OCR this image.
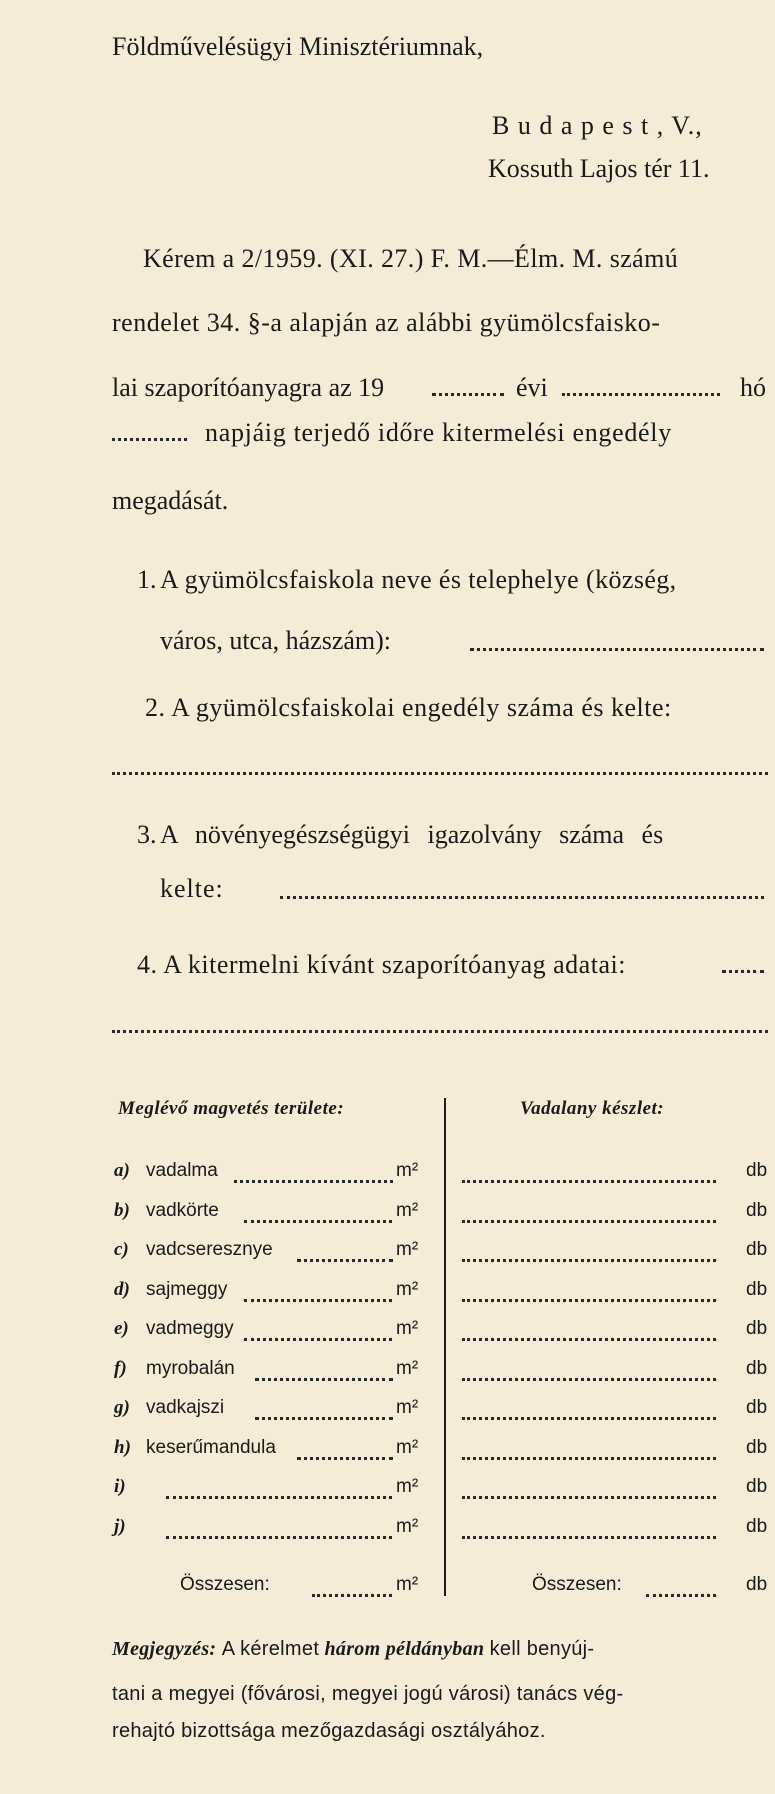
Földművelésügyi Minisztériumnak,
B u d a p e s t , V.,
Kossuth Lajos tér 11.
Kérem a 2/1959. (XI. 27.) F. M.—Élm. M. számú
rendelet 34. §-a alapján az alábbi gyümölcsfaisko-
lai szaporítóanyagra az 19	évi	hó
napjáig terjedő időre kitermelési engedély
megadását.
1. A gyümölcsfaiskola neve és telephelye (község,
város, utca, házszám):
2. A gyümölcsfaiskolai engedély száma és kelte:
3. A növényegészségügyi igazolvány száma és
kelte:
4. A kitermelni kívánt szaporítóanyag adatai:
Meglévő magvetés területe:	Vadalany készlet:
a) vadalma	m²	db
b) vadkörte	m²	db
c) vadcseresznye	m²	db
d) sajmeggy	m²	db
e) vadmeggy	m²	db
f) myrobalán	m²	db
g) vadkajszi	m²	db
h) keserűmandula	m²	db
i)	m²	db
j)	m²	db
Összesen:	m²	Összesen:	db
Megjegyzés: A kérelmet három példányban kell benyúj-
tani a megyei (fővárosi, megyei jogú városi) tanács vég-
rehajtó bizottsága mezőgazdasági osztályához.
